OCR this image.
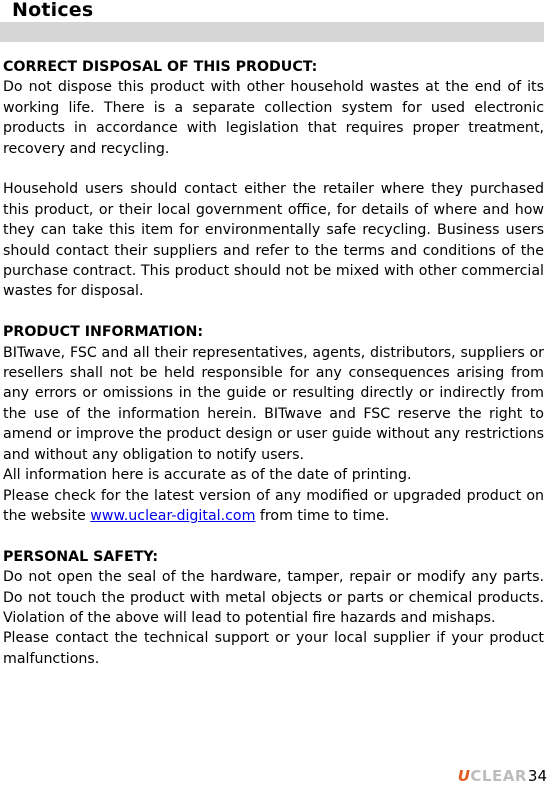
Notices

CORRECT DISPOSAL OF THIS PRODUCT:

Do not dispose this product with other household wastes at the end of its working life. There is a separate collection system for used electronic products in accordance with legislation that requires proper treatment, recovery and recycling.

Household users should contact either the retailer where they purchased this product, or their local government office, for details of where and how they can take this item for environmentally safe recycling. Business users should contact their suppliers and refer to the terms and conditions of the purchase contract. This product should not be mixed with other commercial wastes for disposal.

PRODUCT INFORMATION:

BITwave, FSC and all their representatives, agents, distributors, suppliers or resellers shall not be held responsible for any consequences arising from any errors or omissions in the guide or resulting directly or indirectly from the use of the information herein. BITwave and FSC reserve the right to amend or improve the product design or user guide without any restrictions and without any obligation to notify users.

All information here is accurate as of the date of printing.

Please check for the latest version of any modified or upgraded product on the website www.uclear-digital.com from time to time.

PERSONAL SAFETY:

Do not open the seal of the hardware, tamper, repair or modify any parts. Do not touch the product with metal objects or parts or chemical products. Violation of the above will lead to potential fire hazards and mishaps.

Please contact the technical support or your local supplier if your product malfunctions.

UCLEAR 34
